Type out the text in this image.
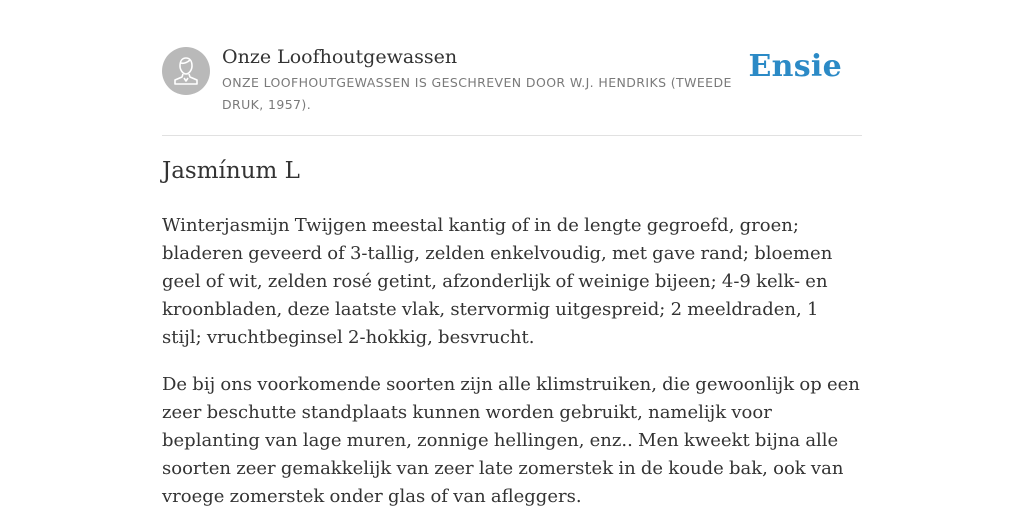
Onze Loofhoutgewassen
ONZE LOOFHOUTGEWASSEN IS GESCHREVEN DOOR W.J. HENDRIKS (TWEEDE DRUK, 1957).
Ensie
Jasmínum L

Winterjasmijn Twijgen meestal kantig of in de lengte gegroefd, groen; bladeren geveerd of 3-tallig, zelden enkelvoudig, met gave rand; bloemen geel of wit, zelden rosé getint, afzonderlijk of weinige bijeen; 4-9 kelk- en kroonbladen, deze laatste vlak, stervormig uitgespreid; 2 meeldraden, 1 stijl; vruchtbeginsel 2-hokkig, besvrucht.

De bij ons voorkomende soorten zijn alle klimstruiken, die gewoonlijk op een zeer beschutte standplaats kunnen worden gebruikt, namelijk voor beplanting van lage muren, zonnige hellingen, enz.. Men kweekt bijna alle soorten zeer gemakkelijk van zeer late zomerstek in de koude bak, ook van vroege zomerstek onder glas of van afleggers.
